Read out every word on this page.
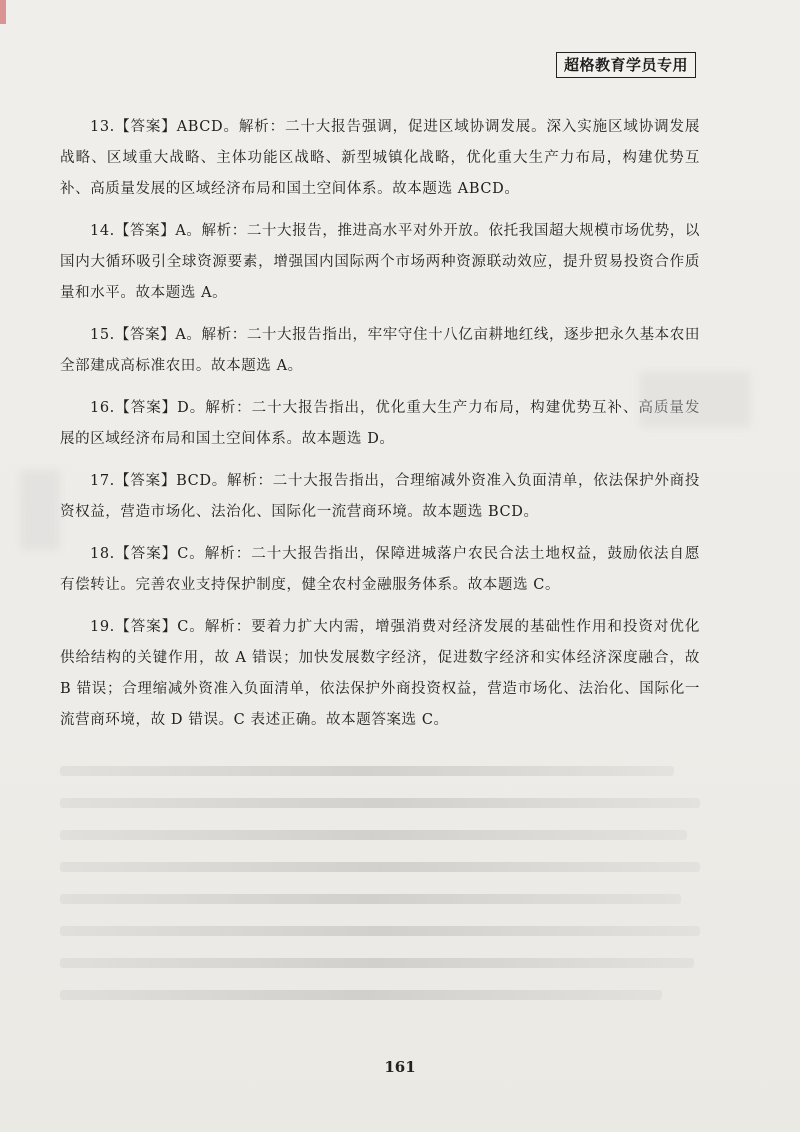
超格教育学员专用

13.【答案】ABCD。解析：二十大报告强调，促进区域协调发展。深入实施区域协调发展战略、区域重大战略、主体功能区战略、新型城镇化战略，优化重大生产力布局，构建优势互补、高质量发展的区域经济布局和国土空间体系。故本题选 ABCD。

14.【答案】A。解析：二十大报告，推进高水平对外开放。依托我国超大规模市场优势，以国内大循环吸引全球资源要素，增强国内国际两个市场两种资源联动效应，提升贸易投资合作质量和水平。故本题选 A。

15.【答案】A。解析：二十大报告指出，牢牢守住十八亿亩耕地红线，逐步把永久基本农田全部建成高标准农田。故本题选 A。

16.【答案】D。解析：二十大报告指出，优化重大生产力布局，构建优势互补、高质量发展的区域经济布局和国土空间体系。故本题选 D。

17.【答案】BCD。解析：二十大报告指出，合理缩减外资准入负面清单，依法保护外商投资权益，营造市场化、法治化、国际化一流营商环境。故本题选 BCD。

18.【答案】C。解析：二十大报告指出，保障进城落户农民合法土地权益，鼓励依法自愿有偿转让。完善农业支持保护制度，健全农村金融服务体系。故本题选 C。

19.【答案】C。解析：要着力扩大内需，增强消费对经济发展的基础性作用和投资对优化供给结构的关键作用，故 A 错误；加快发展数字经济，促进数字经济和实体经济深度融合，故 B 错误；合理缩减外资准入负面清单，依法保护外商投资权益，营造市场化、法治化、国际化一流营商环境，故 D 错误。C 表述正确。故本题答案选 C。

161
